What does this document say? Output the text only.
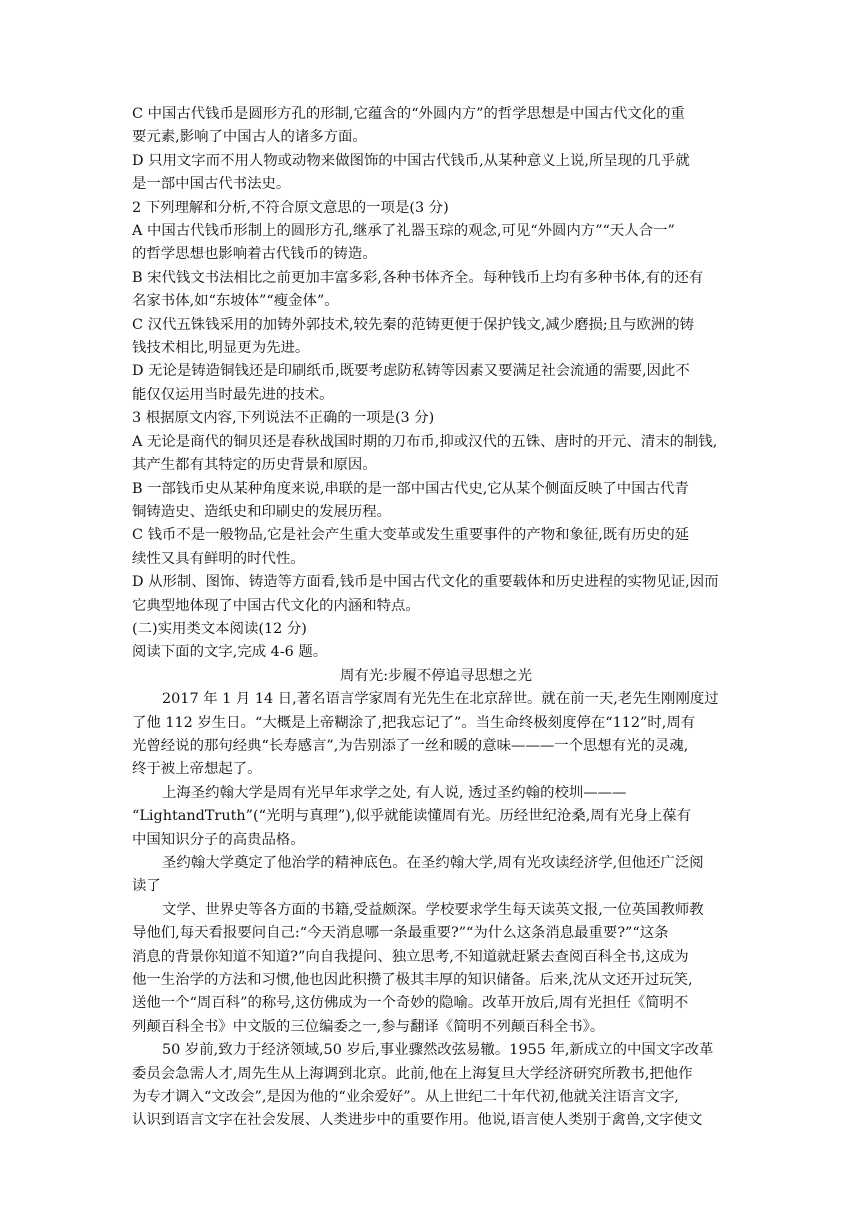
C 中国古代钱币是圆形方孔的形制,它蕴含的“外圆内方”的哲学思想是中国古代文化的重
要元素,影响了中国古人的诸多方面。
D 只用文字而不用人物或动物来做图饰的中国古代钱币,从某种意义上说,所呈现的几乎就
是一部中国古代书法史。
2 下列理解和分析,不符合原文意思的一项是(3 分)
A 中国古代钱币形制上的圆形方孔,继承了礼器玉琮的观念,可见“外圆内方”“天人合一”
的哲学思想也影响着古代钱币的铸造。
B 宋代钱文书法相比之前更加丰富多彩,各种书体齐全。每种钱币上均有多种书体,有的还有
名家书体,如“东坡体”“瘦金体”。
C 汉代五铢钱采用的加铸外郭技术,较先秦的范铸更便于保护钱文,减少磨损;且与欧洲的铸
钱技术相比,明显更为先进。
D 无论是铸造铜钱还是印刷纸币,既要考虑防私铸等因素又要满足社会流通的需要,因此不
能仅仅运用当时最先进的技术。
3 根据原文内容,下列说法不正确的一项是(3 分)
A 无论是商代的铜贝还是春秋战国时期的刀布币,抑或汉代的五铢、唐时的开元、清末的制钱,
其产生都有其特定的历史背景和原因。
B 一部钱币史从某种角度来说,串联的是一部中国古代史,它从某个侧面反映了中国古代青
铜铸造史、造纸史和印刷史的发展历程。
C 钱币不是一般物品,它是社会产生重大变革或发生重要事件的产物和象征,既有历史的延
续性又具有鲜明的时代性。
D 从形制、图饰、铸造等方面看,钱币是中国古代文化的重要载体和历史进程的实物见证,因而
它典型地体现了中国古代文化的内涵和特点。
(二)实用类文本阅读(12 分)
阅读下面的文字,完成 4-6 题。
周有光:步履不停追寻思想之光
2017 年 1 月 14 日,著名语言学家周有光先生在北京辞世。就在前一天,老先生刚刚度过
了他 112 岁生日。“大概是上帝糊涂了,把我忘记了”。当生命终极刻度停在“112”时,周有
光曾经说的那句经典“长寿感言”,为告别添了一丝和暖的意味———一个思想有光的灵魂,
终于被上帝想起了。
上海圣约翰大学是周有光早年求学之处, 有人说, 透过圣约翰的校圳———
“LightandTruth”(“光明与真理”),似乎就能读懂周有光。历经世纪沧桑,周有光身上葆有
中国知识分子的高贵品格。
圣约翰大学奠定了他治学的精神底色。在圣约翰大学,周有光攻读经济学,但他还广泛阅
读了
文学、世界史等各方面的书籍,受益颇深。学校要求学生每天读英文报,一位英国教师教
导他们,每天看报要问自己:“今天消息哪一条最重要?”“为什么这条消息最重要?”“这条
消息的背景你知道不知道?”向自我提问、独立思考,不知道就赶紧去查阅百科全书,这成为
他一生治学的方法和习惯,他也因此积攒了极其丰厚的知识储备。后来,沈从文还开过玩笑,
送他一个“周百科”的称号,这仿佛成为一个奇妙的隐喻。改革开放后,周有光担任《简明不
列颠百科全书》中文版的三位编委之一,参与翻译《简明不列颠百科全书》。
50 岁前,致力于经济领域,50 岁后,事业骤然改弦易辙。1955 年,新成立的中国文字改革
委员会急需人才,周先生从上海调到北京。此前,他在上海复旦大学经济研究所教书,把他作
为专才调入“文改会”,是因为他的“业余爱好”。从上世纪二十年代初,他就关注语言文字,
认识到语言文字在社会发展、人类进步中的重要作用。他说,语言使人类别于禽兽,文字使文
